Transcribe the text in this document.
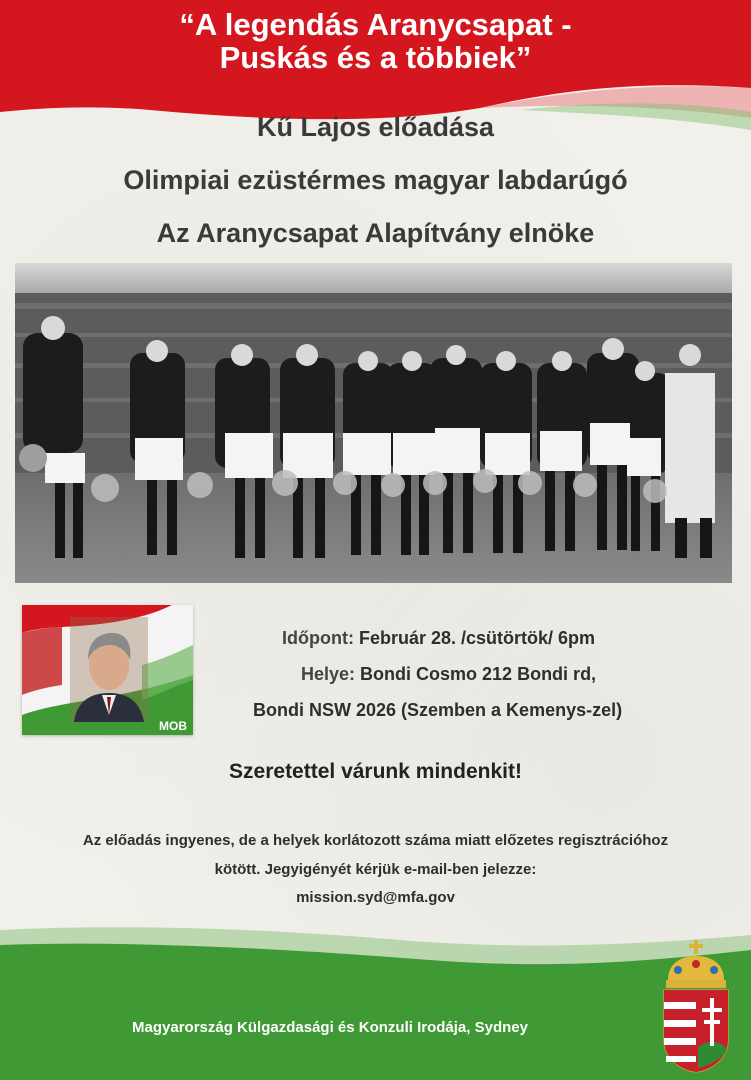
“A legendás Aranycsapat -
Puskás és a többiek”

Kű Lajos előadása

Olimpiai ezüstérmes magyar labdarúgó

Az Aranycsapat Alapítvány elnöke

MOB
Időpont: Február 28. /csütörtök/ 6pm
Helye: Bondi Cosmo 212 Bondi rd,
Bondi NSW 2026 (Szemben a Kemenys-zel)
Szeretettel várunk mindenkit!
Az előadás ingyenes, de a helyek korlátozott száma miatt előzetes regisztrációhoz
kötött. Jegyigényét kérjük e-mail-ben jelezze:
mission.syd@mfa.gov
Magyarország Külgazdasági és Konzuli Irodája, Sydney
